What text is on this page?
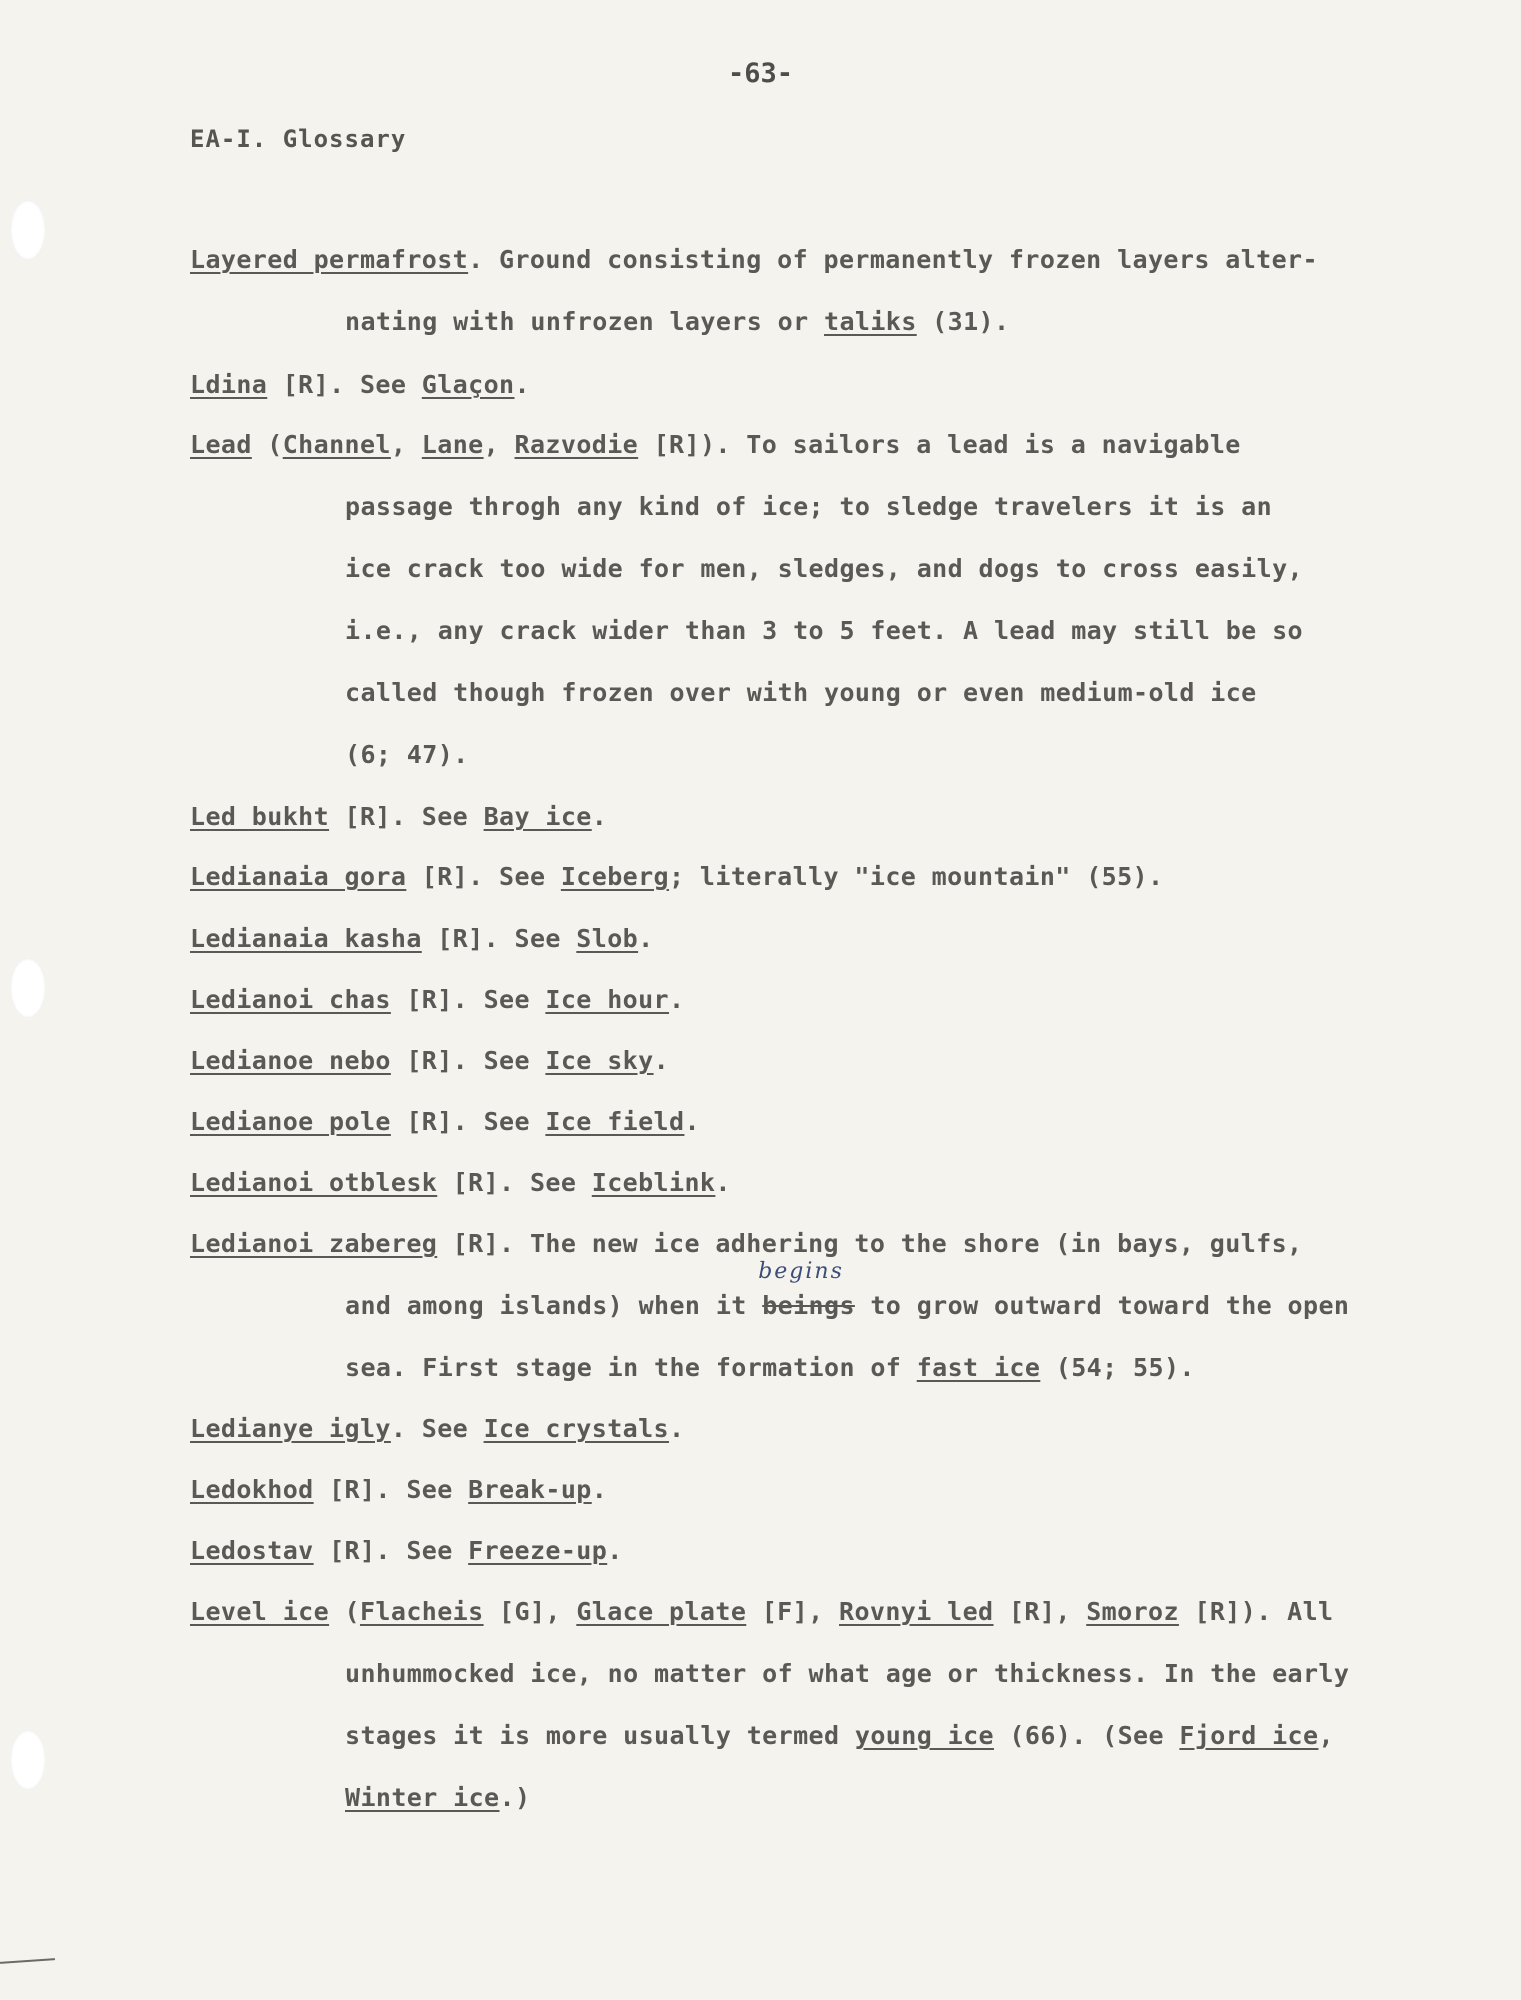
-63-
EA-I. Glossary
Layered permafrost. Ground consisting of permanently frozen layers alter-
nating with unfrozen layers or taliks (31).
Ldina [R]. See Glaçon.
Lead (Channel, Lane, Razvodie [R]). To sailors a lead is a navigable
passage throgh any kind of ice; to sledge travelers it is an
ice crack too wide for men, sledges, and dogs to cross easily,
i.e., any crack wider than 3 to 5 feet. A lead may still be so
called though frozen over with young or even medium-old ice
(6; 47).
Led bukht [R]. See Bay ice.
Ledianaia gora [R]. See Iceberg; literally "ice mountain" (55).
Ledianaia kasha [R]. See Slob.
Ledianoi chas [R]. See Ice hour.
Ledianoe nebo [R]. See Ice sky.
Ledianoe pole [R]. See Ice field.
Ledianoi otblesk [R]. See Iceblink.
Ledianoi zabereg [R]. The new ice adhering to the shore (in bays, gulfs,
and among islands) when it
begins
beings to grow outward toward the open
sea. First stage in the formation of fast ice (54; 55).
Ledianye igly. See Ice crystals.
Ledokhod [R]. See Break-up.
Ledostav [R]. See Freeze-up.
Level ice (Flacheis [G], Glace plate [F], Rovnyi led [R], Smoroz [R]). All
unhummocked ice, no matter of what age or thickness. In the early
stages it is more usually termed young ice (66). (See Fjord ice,
Winter ice.)
